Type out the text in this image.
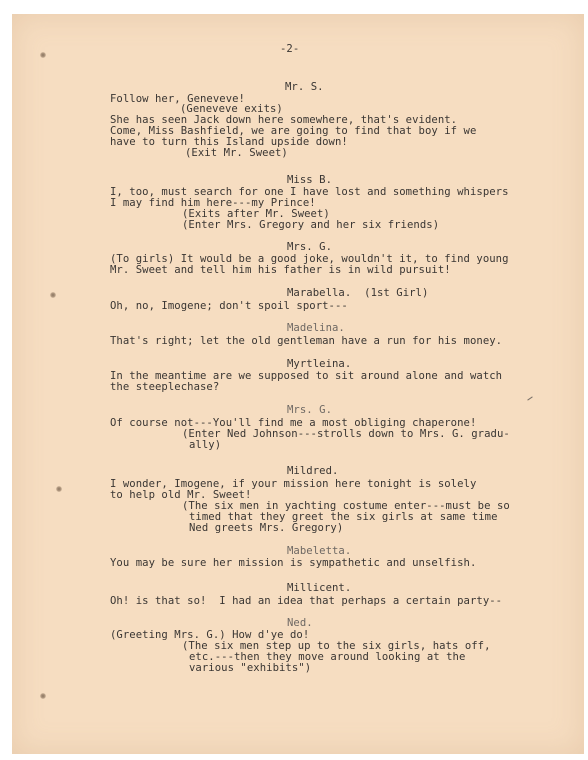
-2-
Mr. S.
Follow her, Geneveve!
(Geneveve exits)
She has seen Jack down here somewhere, that's evident.
Come, Miss Bashfield, we are going to find that boy if we
have to turn this Island upside down!
(Exit Mr. Sweet)
Miss B.
I, too, must search for one I have lost and something whispers
I may find him here---my Prince!
(Exits after Mr. Sweet)
(Enter Mrs. Gregory and her six friends)
Mrs. G.
(To girls) It would be a good joke, wouldn't it, to find young
Mr. Sweet and tell him his father is in wild pursuit!
Marabella.  (1st Girl)
Oh, no, Imogene; don't spoil sport---
Madelina.
That's right; let the old gentleman have a run for his money.
Myrtleina.
In the meantime are we supposed to sit around alone and watch
the steeplechase?
Mrs. G.
Of course not---You'll find me a most obliging chaperone!
(Enter Ned Johnson---strolls down to Mrs. G. gradu-
ally)
Mildred.
I wonder, Imogene, if your mission here tonight is solely
to help old Mr. Sweet!
(The six men in yachting costume enter---must be so
timed that they greet the six girls at same time
Ned greets Mrs. Gregory)
Mabeletta.
You may be sure her mission is sympathetic and unselfish.
Millicent.
Oh! is that so!  I had an idea that perhaps a certain party--
Ned.
(Greeting Mrs. G.) How d'ye do!
(The six men step up to the six girls, hats off,
etc.---then they move around looking at the
various "exhibits")
